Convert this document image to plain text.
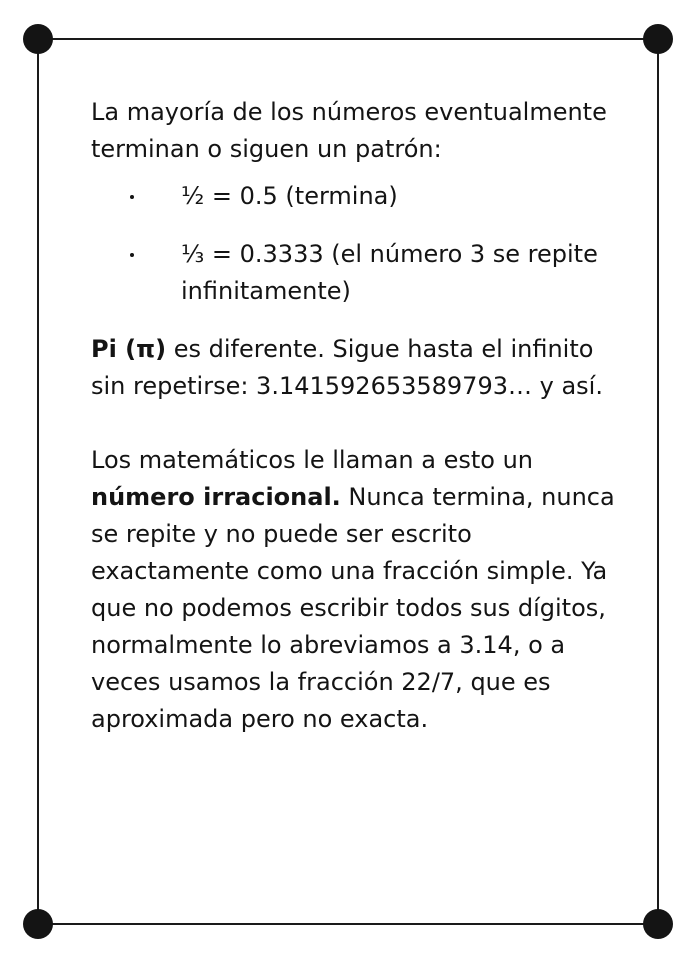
La mayoría de los números eventualmente terminan o siguen un patrón:

½ = 0.5 (termina)
⅓ = 0.3333 (el número 3 se repite infinitamente)

Pi (π) es diferente. Sigue hasta el infinito sin repetirse: 3.141592653589793… y así.

Los matemáticos le llaman a esto un número irracional. Nunca termina, nunca se repite y no puede ser escrito exactamente como una fracción simple. Ya que no podemos escribir todos sus dígitos, normalmente lo abreviamos a 3.14, o a veces usamos la fracción 22/7, que es aproximada pero no exacta.
